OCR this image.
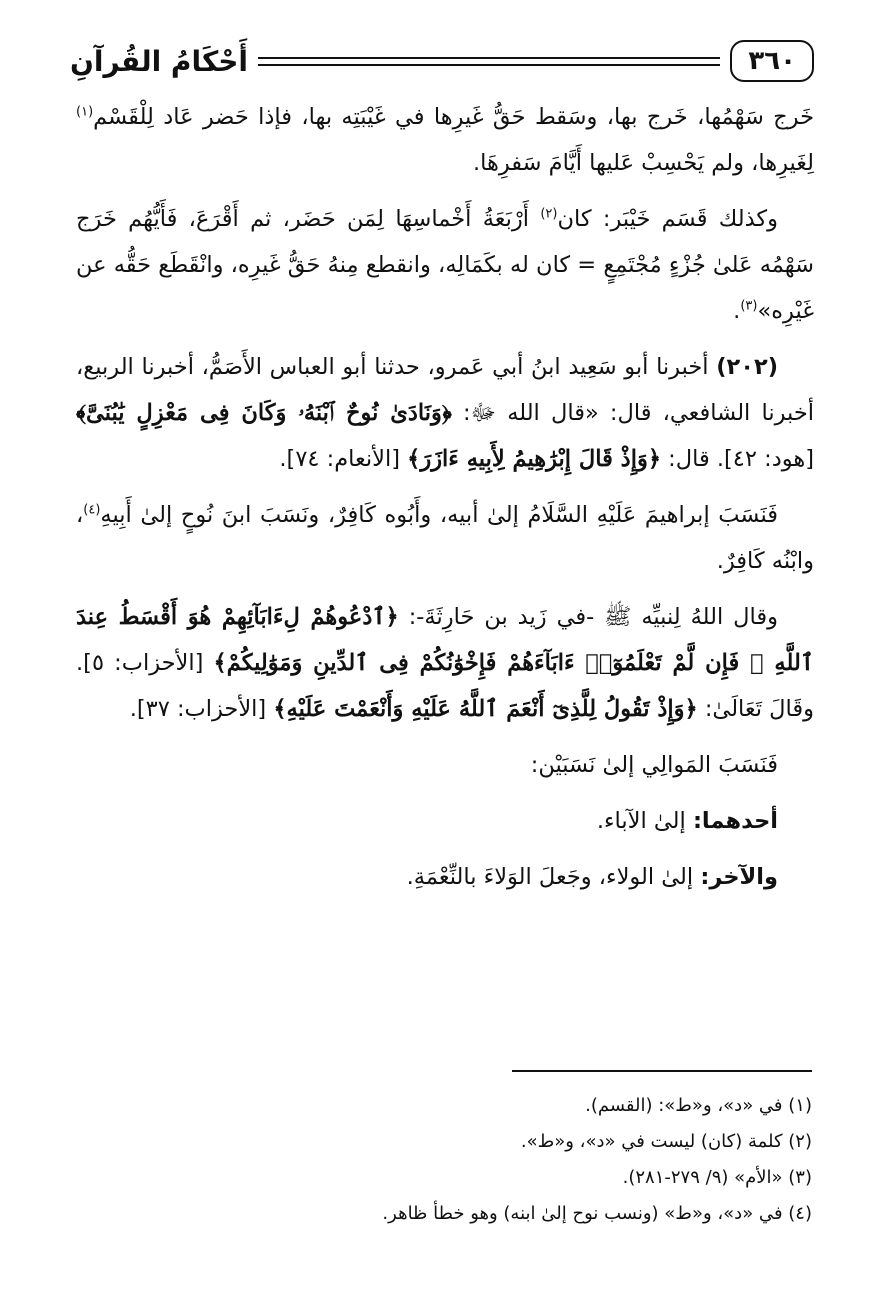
٣٦٠
أَحْكَامُ القُرآنِ

خَرج سَهْمُها، خَرج بها، وسَقط حَقُّ غَيرِها في غَيْبَتِه بها، فإذا حَضر عَاد لِلْقَسْم$^{(١)}$ لِغَيرِها، ولم يَحْسِبْ عَليها أَيَّامَ سَفرِهَا.

وكذلك قَسَم خَيْبَر: كان$^{(٢)}$ أَرْبَعَةُ أَخْماسِهَا لِمَن حَضَر، ثم أَقْرَعَ، فَأَيُّهُم خَرَج سَهْمُه عَلىٰ جُزْءٍ مُجْتَمِعٍ = كان له بكَمَالِه، وانقطع مِنهُ حَقُّ غَيرِه، وانْقَطَع حَقُّه عن غَيْرِه»$^{(٣)}$.

(٢٠٢) أخبرنا أبو سَعِيد ابنُ أبي عَمرو، حدثنا أبو العباس الأَصَمُّ، أخبرنا الربيع، أخبرنا الشافعي، قال: «قال الله ﷻ: ﴿وَنَادَىٰ نُوحٌ ٱبْنَهُۥ وَكَانَ فِى مَعْزِلٍ يَٰبُنَىَّ﴾ [هود: ٤٢]. قال: ﴿وَإِذْ قَالَ إِبْرَٰهِيمُ لِأَبِيهِ ءَازَرَ﴾ [الأنعام: ٧٤].

فَنَسَبَ إبراهيمَ عَلَيْهِ السَّلَامُ إلىٰ أبيه، وأَبُوه كَافِرٌ، ونَسَبَ ابنَ نُوحٍ إلىٰ أَبِيهِ$^{(٤)}$، وابْنُه كَافِرٌ.

وقال اللهُ لِنبيِّه ﷺ -في زَيد بن حَارِثَةَ-: ﴿ٱدْعُوهُمْ لِءَابَآئِهِمْ هُوَ أَقْسَطُ عِندَ ٱللَّهِ ۚ فَإِن لَّمْ تَعْلَمُوٓا۟ ءَابَآءَهُمْ فَإِخْوَٰنُكُمْ فِى ٱلدِّينِ وَمَوَٰلِيكُمْ﴾ [الأحزاب: ٥]. وقَالَ تَعَالَىٰ: ﴿وَإِذْ تَقُولُ لِلَّذِىٓ أَنْعَمَ ٱللَّهُ عَلَيْهِ وَأَنْعَمْتَ عَلَيْهِ﴾ [الأحزاب: ٣٧].

فَنَسَبَ المَوالِي إلىٰ نَسَبَيْن:

أحدهما: إلىٰ الآباء.

والآخر: إلىٰ الولاء، وجَعلَ الوَلاءَ بالنِّعْمَةِ.

(١) في «د»، و«ط»: (القسم).
(٢) كلمة (كان) ليست في «د»، و«ط».
(٣) «الأم» (٩/ ٢٧٩-٢٨١).
(٤) في «د»، و«ط» (ونسب نوح إلىٰ ابنه) وهو خطأ ظاهر.
